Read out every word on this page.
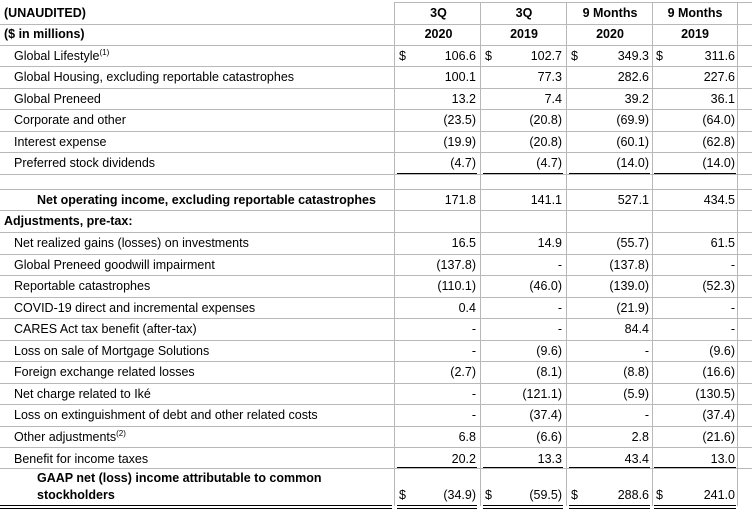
(UNAUDITED)	3Q	3Q	9 Months	9 Months
($ in millions)	2020	2019	2020	2019
Global Lifestyle$^{(1)}$	$	106.6 $	102.7 $	349.3 $	311.6
Global Housing, excluding reportable catastrophes	100.1	77.3	282.6	227.6
Global Preneed	13.2	7.4	39.2	36.1
Corporate and other	(23.5)	(20.8)	(69.9)	(64.0)
Interest expense	(19.9)	(20.8)	(60.1)	(62.8)
Preferred stock dividends	(4.7)	(4.7)	(14.0)	(14.0)
Net operating income, excluding reportable catastrophes	171.8	141.1	527.1	434.5
Adjustments, pre-tax:
Net realized gains (losses) on investments	16.5	14.9	(55.7)	61.5
Global Preneed goodwill impairment	(137.8)	-	(137.8)	-
Reportable catastrophes	(110.1)	(46.0)	(139.0)	(52.3)
COVID-19 direct and incremental expenses	0.4	-	(21.9)	-
CARES Act tax benefit (after-tax)	-	-	84.4	-
Loss on sale of Mortgage Solutions	-	(9.6)	-	(9.6)
Foreign exchange related losses	(2.7)	(8.1)	(8.8)	(16.6)
Net charge related to Iké	-	(121.1)	(5.9)	(130.5)
Loss on extinguishment of debt and other related costs	-	(37.4)	-	(37.4)
Other adjustments$^{(2)}$	6.8	(6.6)	2.8	(21.6)
Benefit for income taxes	20.2	13.3	43.4	13.0
GAAP net (loss) income attributable to common
stockholders	$	(34.9) $	(59.5) $	288.6 $	241.0
